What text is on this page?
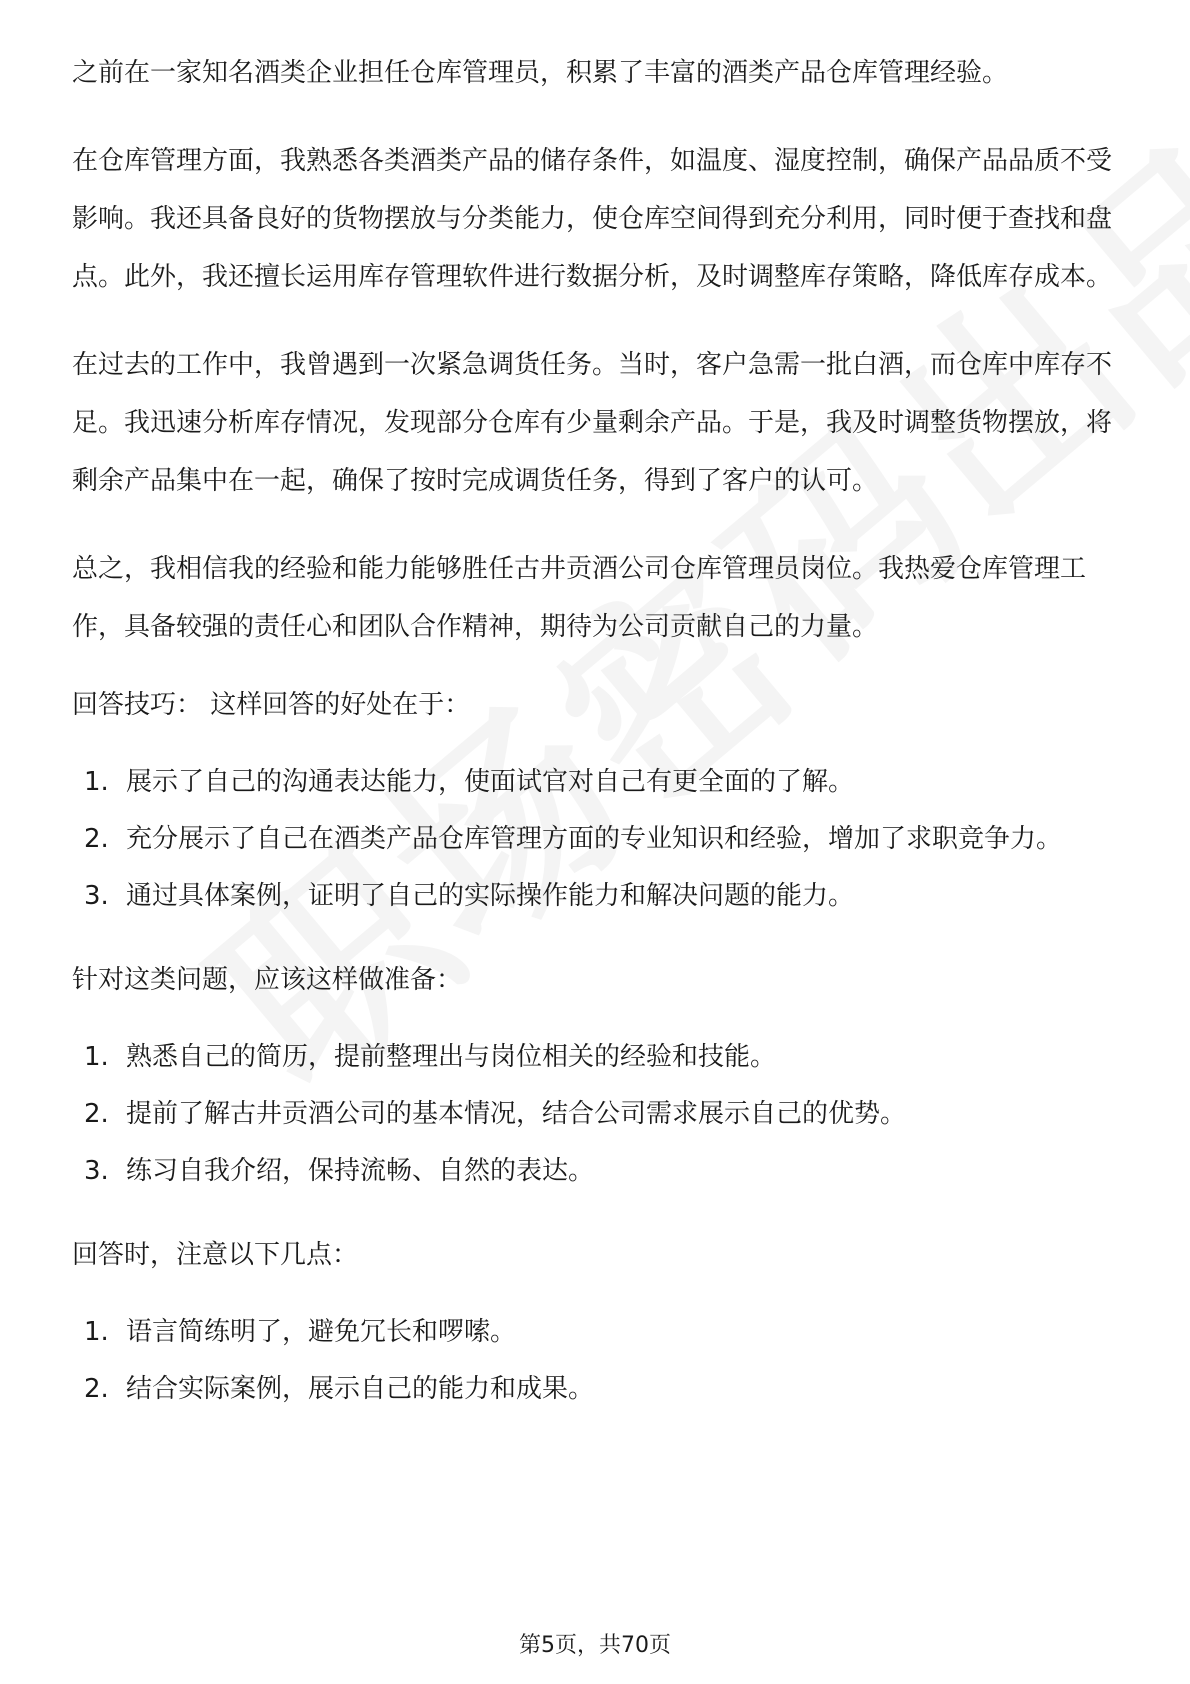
之前在一家知名酒类企业担任仓库管理员，积累了丰富的酒类产品仓库管理经验。

在仓库管理方面，我熟悉各类酒类产品的储存条件，如温度、湿度控制，确保产品品质不受影响。我还具备良好的货物摆放与分类能力，使仓库空间得到充分利用，同时便于查找和盘点。此外，我还擅长运用库存管理软件进行数据分析，及时调整库存策略，降低库存成本。

在过去的工作中，我曾遇到一次紧急调货任务。当时，客户急需一批白酒，而仓库中库存不足。我迅速分析库存情况，发现部分仓库有少量剩余产品。于是，我及时调整货物摆放，将剩余产品集中在一起，确保了按时完成调货任务，得到了客户的认可。

总之，我相信我的经验和能力能够胜任古井贡酒公司仓库管理员岗位。我热爱仓库管理工作，具备较强的责任心和团队合作精神，期待为公司贡献自己的力量。

回答技巧： 这样回答的好处在于：

1. 展示了自己的沟通表达能力，使面试官对自己有更全面的了解。
2. 充分展示了自己在酒类产品仓库管理方面的专业知识和经验，增加了求职竞争力。
3. 通过具体案例，证明了自己的实际操作能力和解决问题的能力。

针对这类问题，应该这样做准备：

1. 熟悉自己的简历，提前整理出与岗位相关的经验和技能。
2. 提前了解古井贡酒公司的基本情况，结合公司需求展示自己的优势。
3. 练习自我介绍，保持流畅、自然的表达。

回答时，注意以下几点：

1. 语言简练明了，避免冗长和啰嗦。
2. 结合实际案例，展示自己的能力和成果。
第5页，共70页
